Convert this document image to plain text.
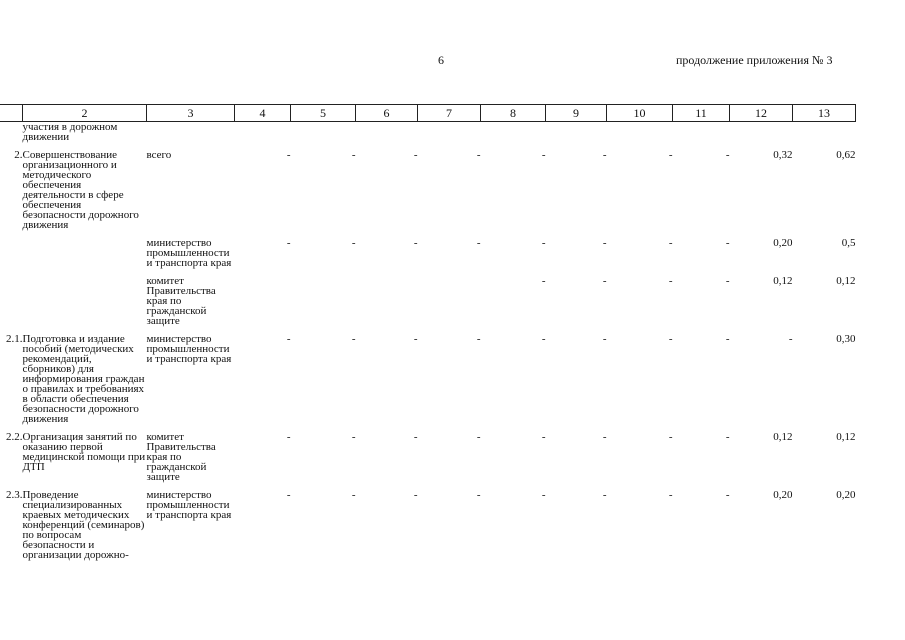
6	продолжение приложения № 3
	2	3	4	5	6	7	8	9	10	11	12	13
	участия в дорожном движении											
2.	Совершенствование организационного и методического обеспечения деятельности в сфере обеспечения безопасности дорожного движения	всего	-	-	-	-	-	-	-	-	0,32	0,62
		министерство промышленности и транспорта края	-	-	-	-	-	-	-	-	0,20	0,5
		комитет Правительства края по гражданской защите					-	-	-	-	0,12	0,12
2.1.	Подготовка и издание пособий (методических рекомендаций, сборников) для информирования граждан о правилах и требованиях в области обеспечения безопасности дорожного движения	министерство промышленности и транспорта края	-	-	-	-	-	-	-	-	-	0,30
2.2.	Организация занятий по оказанию первой медицинской помощи при ДТП	комитет Правительства края по гражданской защите	-	-	-	-	-	-	-	-	0,12	0,12
2.3.	Проведение специализированных краевых методических конференций (семинаров) по вопросам безопасности и организации дорожно-	министерство промышленности и транспорта края	-	-	-	-	-	-	-	-	0,20	0,20
